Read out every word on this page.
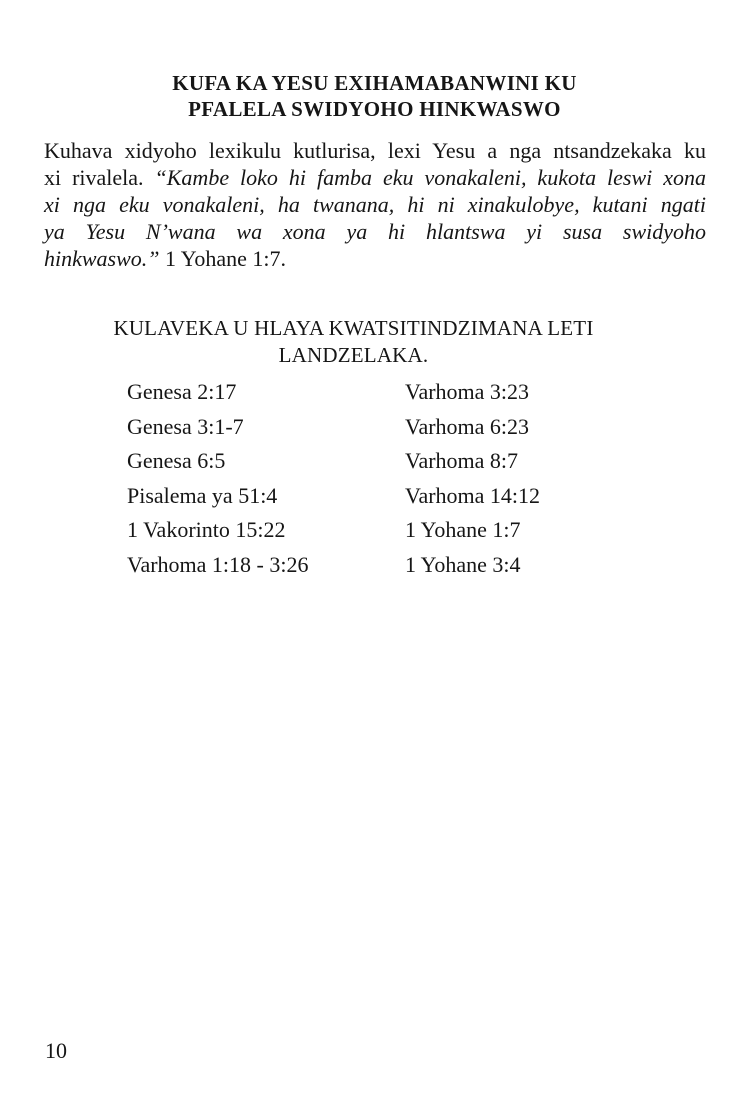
KUFA KA YESU EXIHAMABANWINI KU
PFALELA SWIDYOHO HINKWASWO
Kuhava xidyoho lexikulu kutlurisa, lexi Yesu a nga ntsandzekaka ku
xi rivalela. “Kambe loko hi famba eku vonakaleni, kukota leswi xona
xi nga eku vonakaleni, ha twanana, hi ni xinakulobye, kutani ngati
ya Yesu N’wana wa xona ya hi hlantswa yi susa swidyoho
hinkwaswo.” 1 Yohane 1:7.
KULAVEKA U HLAYA KWATSITINDZIMANA LETI
LANDZELAKA.
Genesa 2:17	Varhoma 3:23
Genesa 3:1-7	Varhoma 6:23
Genesa 6:5	Varhoma 8:7
Pisalema ya 51:4	Varhoma 14:12
1 Vakorinto 15:22	1 Yohane 1:7
Varhoma 1:18 - 3:26	1 Yohane 3:4
10
